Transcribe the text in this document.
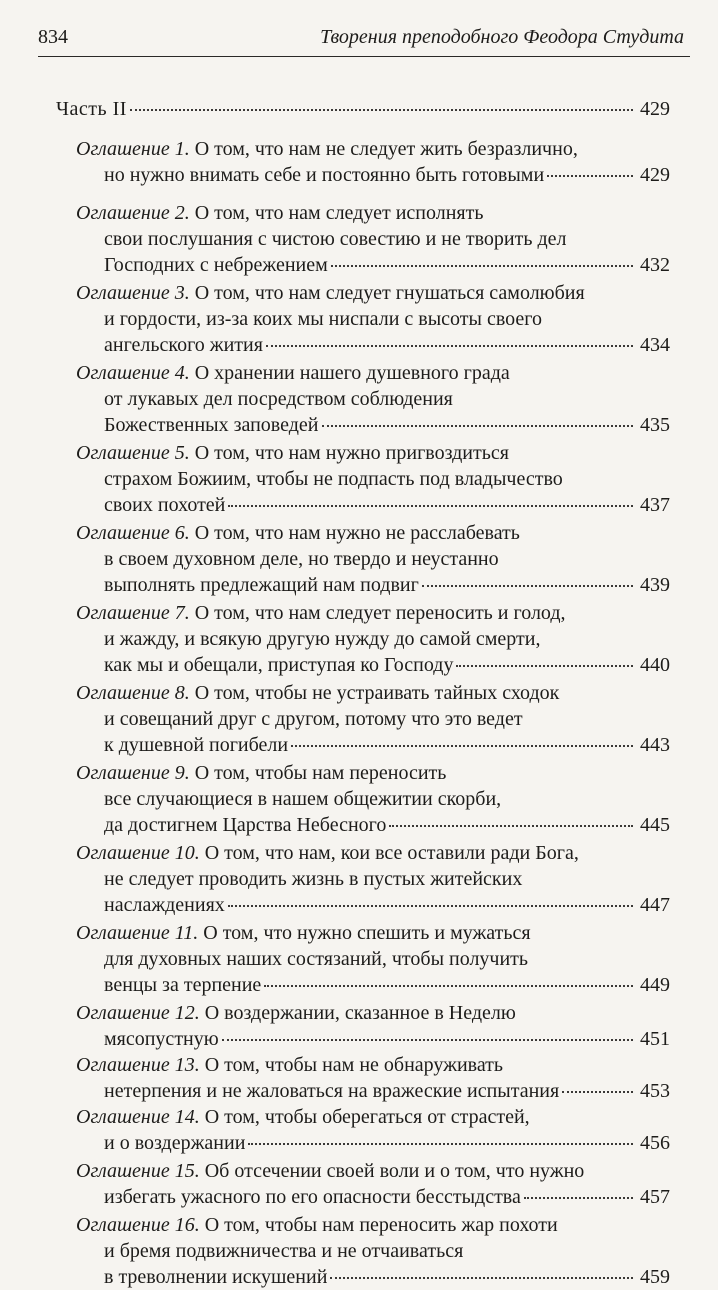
834	Творения преподобного Феодора Студита
Часть II	429
Оглашение 1.
О том, что нам не следует жить безразлично,
но нужно внимать себе и постоянно быть готовыми	429
Оглашение 2.
О том, что нам следует исполнять
свои послушания с чистою совестию и не творить дел
Господних с небрежением	432
Оглашение 3.
О том, что нам следует гнушаться самолюбия
и гордости, из-за коих мы ниспали с высоты своего
ангельского жития	434
Оглашение 4.
О хранении нашего душевного града
от лукавых дел посредством соблюдения
Божественных заповедей	435
Оглашение 5.
О том, что нам нужно пригвоздиться
страхом Божиим, чтобы не подпасть под владычество
своих похотей	437
Оглашение 6.
О том, что нам нужно не расслабевать
в своем духовном деле, но твердо и неустанно
выполнять предлежащий нам подвиг	439
Оглашение 7.
О том, что нам следует переносить и голод,
и жажду, и всякую другую нужду до самой смерти,
как мы и обещали, приступая ко Господу	440
Оглашение 8.
О том, чтобы не устраивать тайных сходок
и совещаний друг с другом, потому что это ведет
к душевной погибели	443
Оглашение 9.
О том, чтобы нам переносить
все случающиеся в нашем общежитии скорби,
да достигнем Царства Небесного	445
Оглашение 10.
О том, что нам, кои все оставили ради Бога,
не следует проводить жизнь в пустых житейских
наслаждениях	447
Оглашение 11.
О том, что нужно спешить и мужаться
для духовных наших состязаний, чтобы получить
венцы за терпение	449
Оглашение 12.
О воздержании, сказанное в Неделю
мясопустную	451
Оглашение 13.
О том, чтобы нам не обнаруживать
нетерпения и не жаловаться на вражеские испытания	453
Оглашение 14.
О том, чтобы оберегаться от страстей,
и о воздержании	456
Оглашение 15.
Об отсечении своей воли и о том, что нужно
избегать ужасного по его опасности бесстыдства	457
Оглашение 16.
О том, чтобы нам переносить жар похоти
и бремя подвижничества и не отчаиваться
в треволнении искушений	459
